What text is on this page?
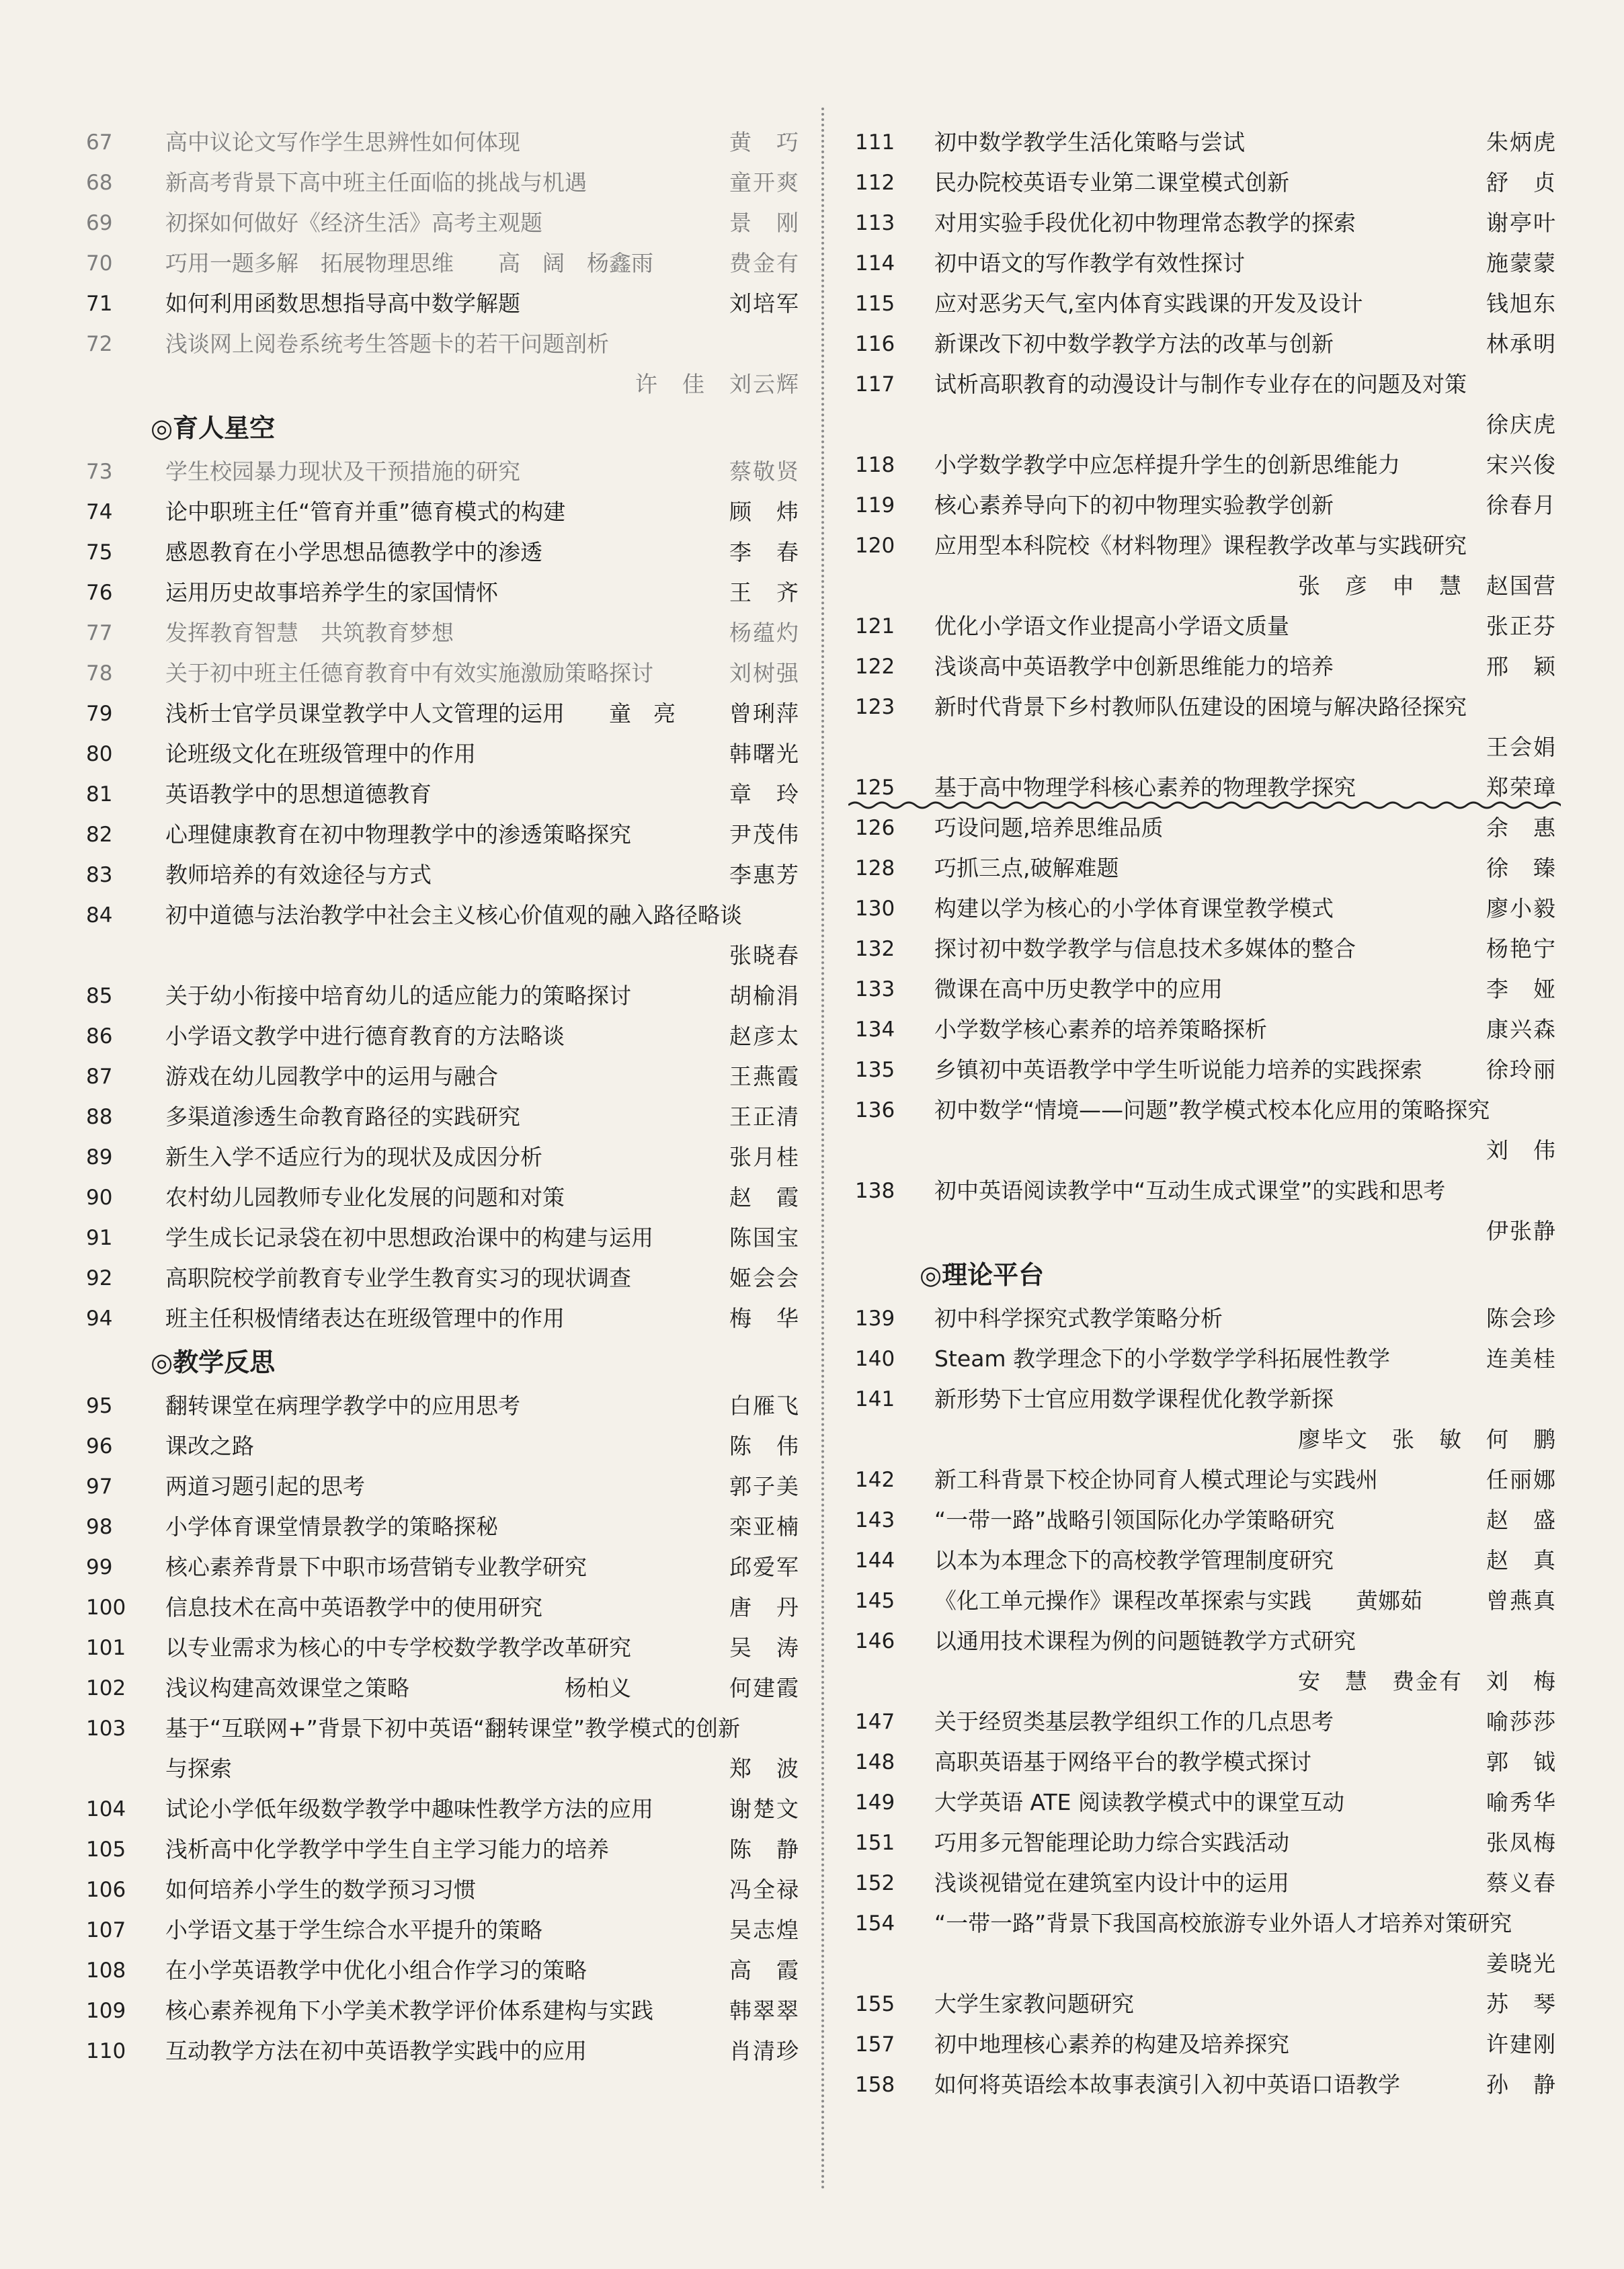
67	高中议论文写作学生思辨性如何体现	黄　巧
68	新高考背景下高中班主任面临的挑战与机遇	童开爽
69	初探如何做好《经济生活》高考主观题	景　刚
70	巧用一题多解　拓展物理思维　　高　阔　杨鑫雨	费金有
71	如何利用函数思想指导高中数学解题	刘培军
72	浅谈网上阅卷系统考生答题卡的若干问题剖析
许　佳　刘云辉
◎育人星空
73	学生校园暴力现状及干预措施的研究	蔡敬贤
74	论中职班主任“管育并重”德育模式的构建	顾　炜
75	感恩教育在小学思想品德教学中的渗透	李　春
76	运用历史故事培养学生的家国情怀	王　齐
77	发挥教育智慧　共筑教育梦想	杨蕴灼
78	关于初中班主任德育教育中有效实施激励策略探讨	刘树强
79	浅析士官学员课堂教学中人文管理的运用　　童　亮	曾琍萍
80	论班级文化在班级管理中的作用	韩曙光
81	英语教学中的思想道德教育	章　玲
82	心理健康教育在初中物理教学中的渗透策略探究	尹茂伟
83	教师培养的有效途径与方式	李惠芳
84	初中道德与法治教学中社会主义核心价值观的融入路径略谈
张晓春
85	关于幼小衔接中培育幼儿的适应能力的策略探讨	胡榆涓
86	小学语文教学中进行德育教育的方法略谈	赵彦太
87	游戏在幼儿园教学中的运用与融合	王燕霞
88	多渠道渗透生命教育路径的实践研究	王正清
89	新生入学不适应行为的现状及成因分析	张月桂
90	农村幼儿园教师专业化发展的问题和对策	赵　霞
91	学生成长记录袋在初中思想政治课中的构建与运用	陈国宝
92	高职院校学前教育专业学生教育实习的现状调查	姬会会
94	班主任积极情绪表达在班级管理中的作用	梅　华
◎教学反思
95	翻转课堂在病理学教学中的应用思考	白雁飞
96	课改之路	陈　伟
97	两道习题引起的思考	郭子美
98	小学体育课堂情景教学的策略探秘	栾亚楠
99	核心素养背景下中职市场营销专业教学研究	邱爱军
100	信息技术在高中英语教学中的使用研究	唐　丹
101	以专业需求为核心的中专学校数学教学改革研究	吴　涛
102	浅议构建高效课堂之策略　　　　　　　杨柏义	何建霞
103	基于“互联网+”背景下初中英语“翻转课堂”教学模式的创新
与探索	郑　波
104	试论小学低年级数学教学中趣味性教学方法的应用	谢楚文
105	浅析高中化学教学中学生自主学习能力的培养	陈　静
106	如何培养小学生的数学预习习惯	冯全禄
107	小学语文基于学生综合水平提升的策略	吴志煌
108	在小学英语教学中优化小组合作学习的策略	高　霞
109	核心素养视角下小学美术教学评价体系建构与实践	韩翠翠
110	互动教学方法在初中英语教学实践中的应用	肖清珍
111	初中数学教学生活化策略与尝试	朱炳虎
112	民办院校英语专业第二课堂模式创新	舒　贞
113	对用实验手段优化初中物理常态教学的探索	谢亭叶
114	初中语文的写作教学有效性探讨	施蒙蒙
115	应对恶劣天气,室内体育实践课的开发及设计	钱旭东
116	新课改下初中数学教学方法的改革与创新	林承明
117	试析高职教育的动漫设计与制作专业存在的问题及对策
徐庆虎
118	小学数学教学中应怎样提升学生的创新思维能力	宋兴俊
119	核心素养导向下的初中物理实验教学创新	徐春月
120	应用型本科院校《材料物理》课程教学改革与实践研究
张　彦　申　慧　赵国营
121	优化小学语文作业提高小学语文质量	张正芬
122	浅谈高中英语教学中创新思维能力的培养	邢　颖
123	新时代背景下乡村教师队伍建设的困境与解决路径探究
王会娟
125	基于高中物理学科核心素养的物理教学探究	郑荣璋
126	巧设问题,培养思维品质	余　惠
128	巧抓三点,破解难题	徐　臻
130	构建以学为核心的小学体育课堂教学模式	廖小毅
132	探讨初中数学教学与信息技术多媒体的整合	杨艳宁
133	微课在高中历史教学中的应用	李　娅
134	小学数学核心素养的培养策略探析	康兴森
135	乡镇初中英语教学中学生听说能力培养的实践探索	徐玲丽
136	初中数学“情境——问题”教学模式校本化应用的策略探究
刘　伟
138	初中英语阅读教学中“互动生成式课堂”的实践和思考
伊张静
◎理论平台
139	初中科学探究式教学策略分析	陈会珍
140	Steam 教学理念下的小学数学学科拓展性教学	连美桂
141	新形势下士官应用数学课程优化教学新探
廖毕文　张　敏　何　鹏
142	新工科背景下校企协同育人模式理论与实践州	任丽娜
143	“一带一路”战略引领国际化办学策略研究	赵　盛
144	以本为本理念下的高校教学管理制度研究	赵　真
145	《化工单元操作》课程改革探索与实践　　黄娜茹	曾燕真
146	以通用技术课程为例的问题链教学方式研究
安　慧　费金有　刘　梅
147	关于经贸类基层教学组织工作的几点思考	喻莎莎
148	高职英语基于网络平台的教学模式探讨	郭　钺
149	大学英语 ATE 阅读教学模式中的课堂互动	喻秀华
151	巧用多元智能理论助力综合实践活动	张凤梅
152	浅谈视错觉在建筑室内设计中的运用	蔡义春
154	“一带一路”背景下我国高校旅游专业外语人才培养对策研究
姜晓光
155	大学生家教问题研究	苏　琴
157	初中地理核心素养的构建及培养探究	许建刚
158	如何将英语绘本故事表演引入初中英语口语教学	孙　静
